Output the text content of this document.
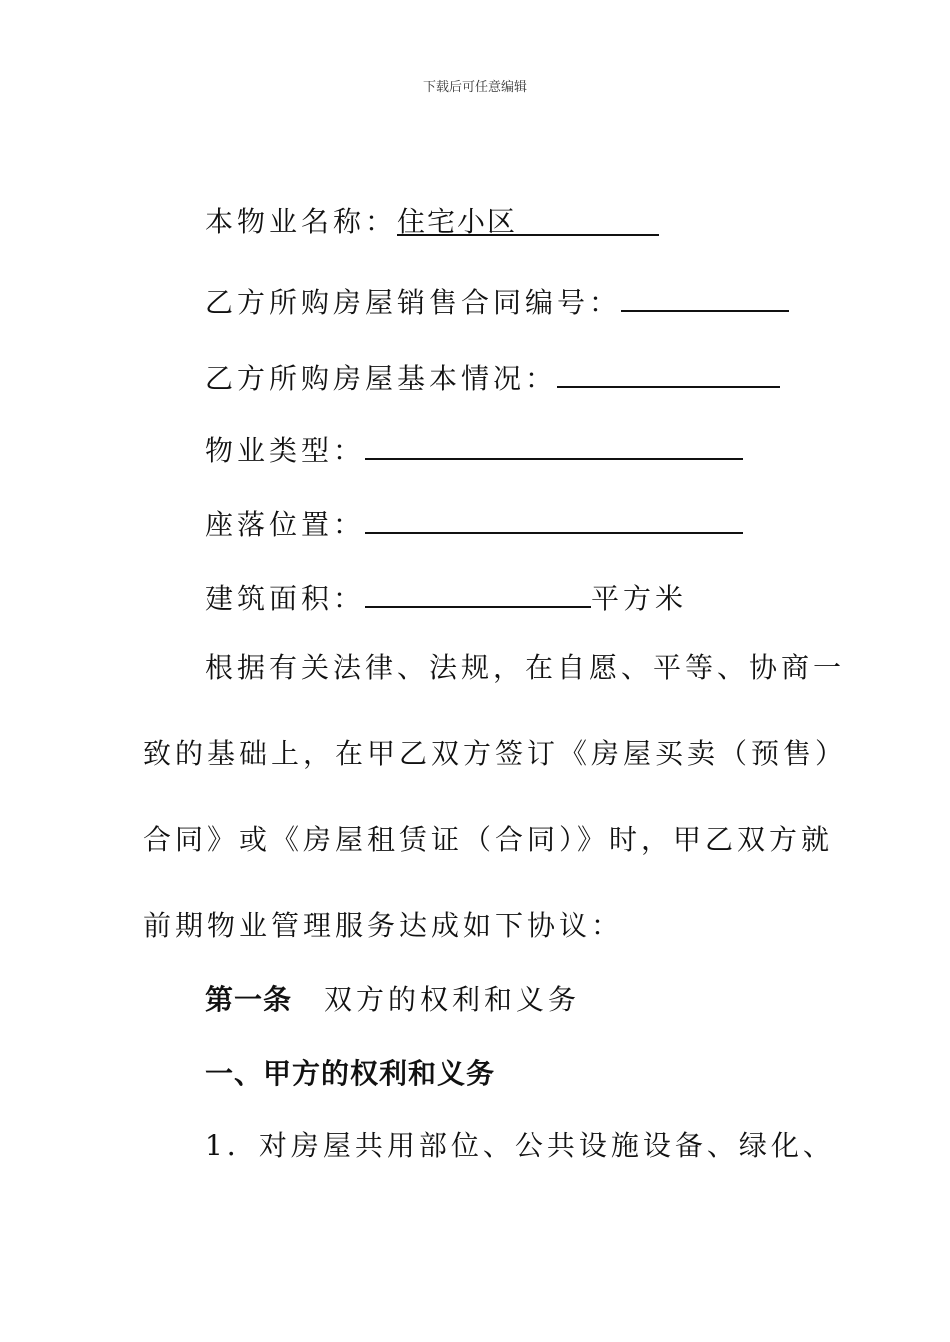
下载后可任意编辑
本物业名称：住宅小区
乙方所购房屋销售合同编号：
乙方所购房屋基本情况：
物业类型：
座落位置：
建筑面积：	平方米
根据有关法律、法规，在自愿、平等、协商一
致的基础上，在甲乙双方签订《房屋买卖（预售）
合同》或《房屋租赁证（合同）》时，甲乙双方就
前期物业管理服务达成如下协议：
第一条 双方的权利和义务
一、甲方的权利和义务
1．对房屋共用部位、公共设施设备、绿化、
